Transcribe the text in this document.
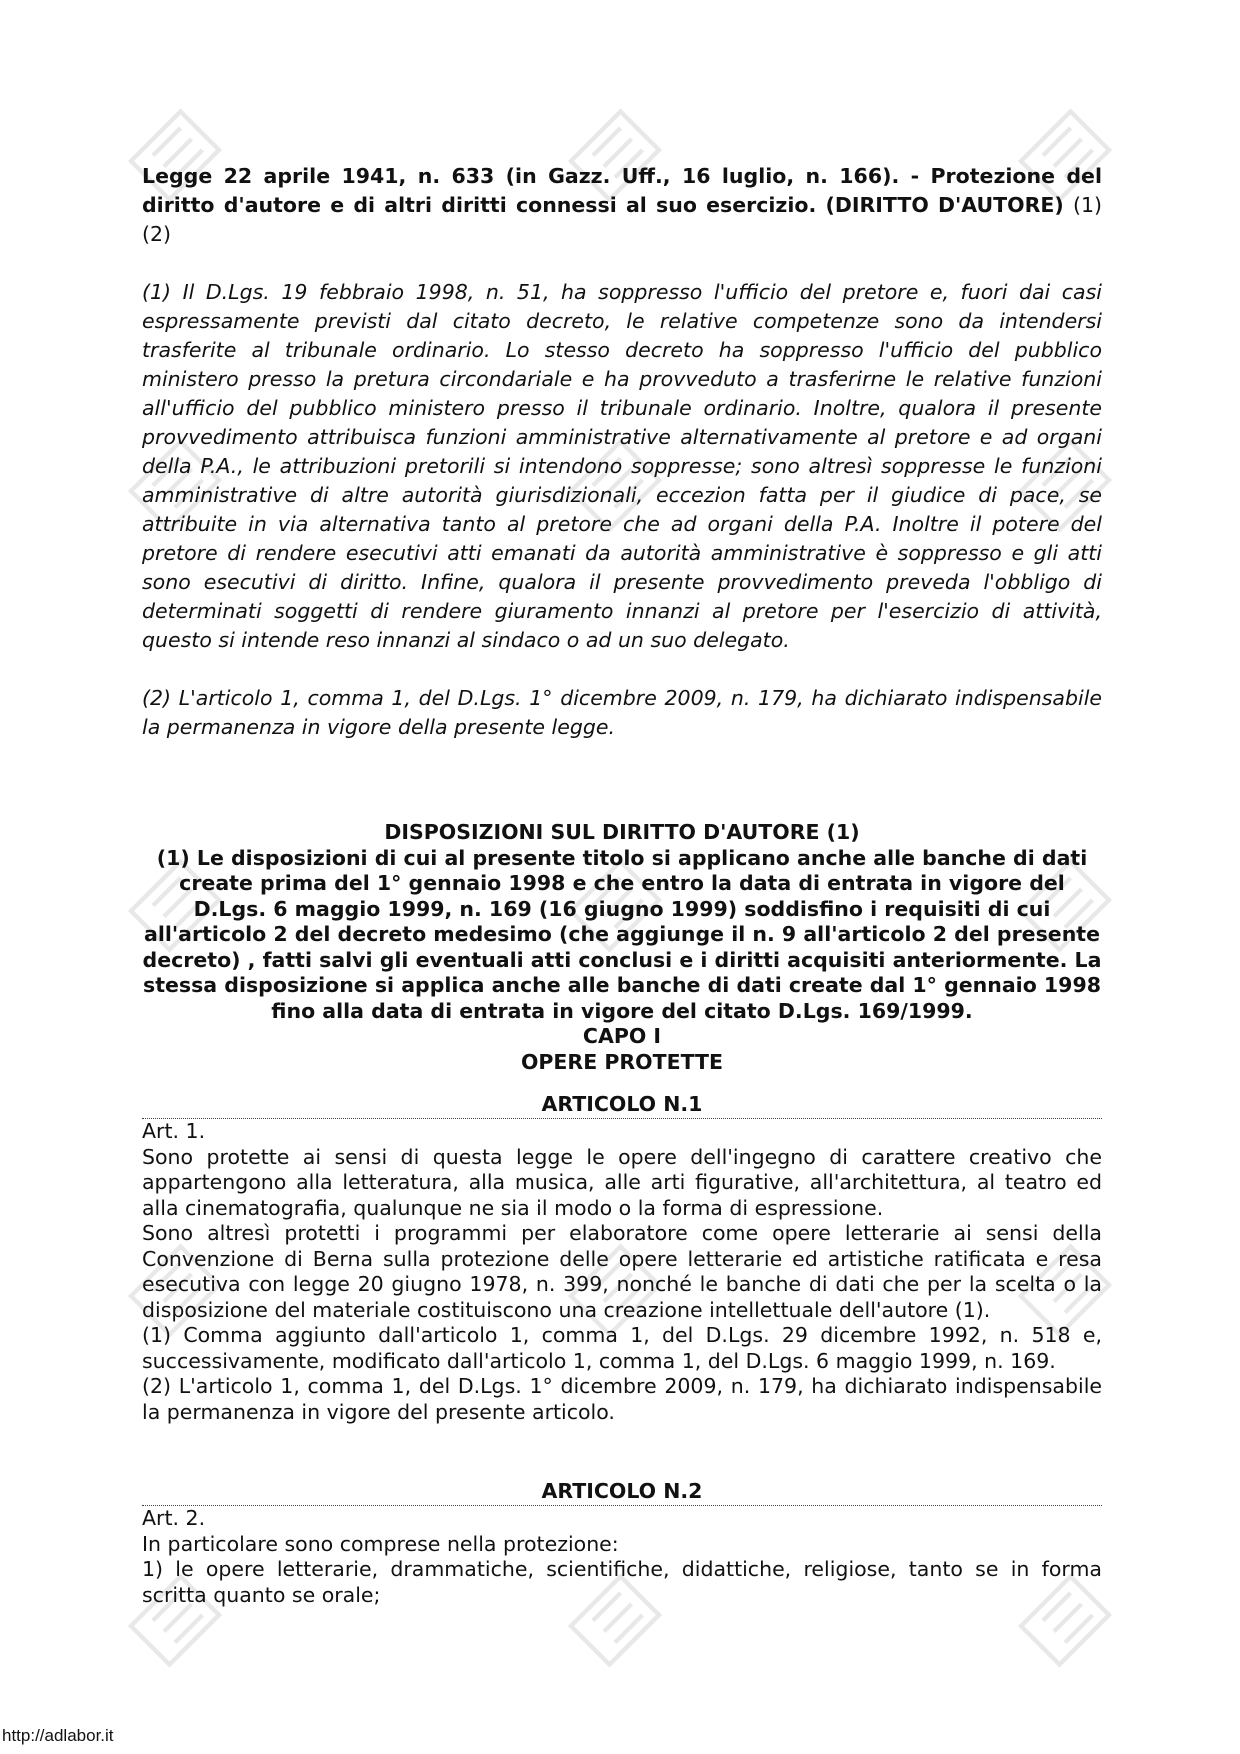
Legge 22 aprile 1941, n. 633 (in Gazz. Uff., 16 luglio, n. 166). - Protezione del diritto d'autore e di altri diritti connessi al suo esercizio. (DIRITTO D'AUTORE) (1) (2)

(1) Il D.Lgs. 19 febbraio 1998, n. 51, ha soppresso l'ufficio del pretore e, fuori dai casi espressamente previsti dal citato decreto, le relative competenze sono da intendersi trasferite al tribunale ordinario. Lo stesso decreto ha soppresso l'ufficio del pubblico ministero presso la pretura circondariale e ha provveduto a trasferirne le relative funzioni all'ufficio del pubblico ministero presso il tribunale ordinario. Inoltre, qualora il presente provvedimento attribuisca funzioni amministrative alternativamente al pretore e ad organi della P.A., le attribuzioni pretorili si intendono soppresse; sono altresì soppresse le funzioni amministrative di altre autorità giurisdizionali, eccezion fatta per il giudice di pace, se attribuite in via alternativa tanto al pretore che ad organi della P.A. Inoltre il potere del pretore di rendere esecutivi atti emanati da autorità amministrative è soppresso e gli atti sono esecutivi di diritto. Infine, qualora il presente provvedimento preveda l'obbligo di determinati soggetti di rendere giuramento innanzi al pretore per l'esercizio di attività, questo si intende reso innanzi al sindaco o ad un suo delegato.

(2) L'articolo 1, comma 1, del D.Lgs. 1° dicembre 2009, n. 179, ha dichiarato indispensabile la permanenza in vigore della presente legge.

DISPOSIZIONI SUL DIRITTO D'AUTORE (1)

(1) Le disposizioni di cui al presente titolo si applicano anche alle banche di dati create prima del 1° gennaio 1998 e che entro la data di entrata in vigore del D.Lgs. 6 maggio 1999, n. 169 (16 giugno 1999) soddisfino i requisiti di cui all'articolo 2 del decreto medesimo (che aggiunge il n. 9 all'articolo 2 del presente decreto) , fatti salvi gli eventuali atti conclusi e i diritti acquisiti anteriormente. La stessa disposizione si applica anche alle banche di dati create dal 1° gennaio 1998 fino alla data di entrata in vigore del citato D.Lgs. 169/1999.

CAPO I

OPERE PROTETTE

ARTICOLO N.1

Art. 1.

Sono protette ai sensi di questa legge le opere dell'ingegno di carattere creativo che appartengono alla letteratura, alla musica, alle arti figurative, all'architettura, al teatro ed alla cinematografia, qualunque ne sia il modo o la forma di espressione.

Sono altresì protetti i programmi per elaboratore come opere letterarie ai sensi della Convenzione di Berna sulla protezione delle opere letterarie ed artistiche ratificata e resa esecutiva con legge 20 giugno 1978, n. 399, nonché le banche di dati che per la scelta o la disposizione del materiale costituiscono una creazione intellettuale dell'autore (1).

(1) Comma aggiunto dall'articolo 1, comma 1, del D.Lgs. 29 dicembre 1992, n. 518 e, successivamente, modificato dall'articolo 1, comma 1, del D.Lgs. 6 maggio 1999, n. 169.

(2) L'articolo 1, comma 1, del D.Lgs. 1° dicembre 2009, n. 179, ha dichiarato indispensabile la permanenza in vigore del presente articolo.

ARTICOLO N.2

Art. 2.

In particolare sono comprese nella protezione:

1) le opere letterarie, drammatiche, scientifiche, didattiche, religiose, tanto se in forma scritta quanto se orale;

http://adlabor.it
